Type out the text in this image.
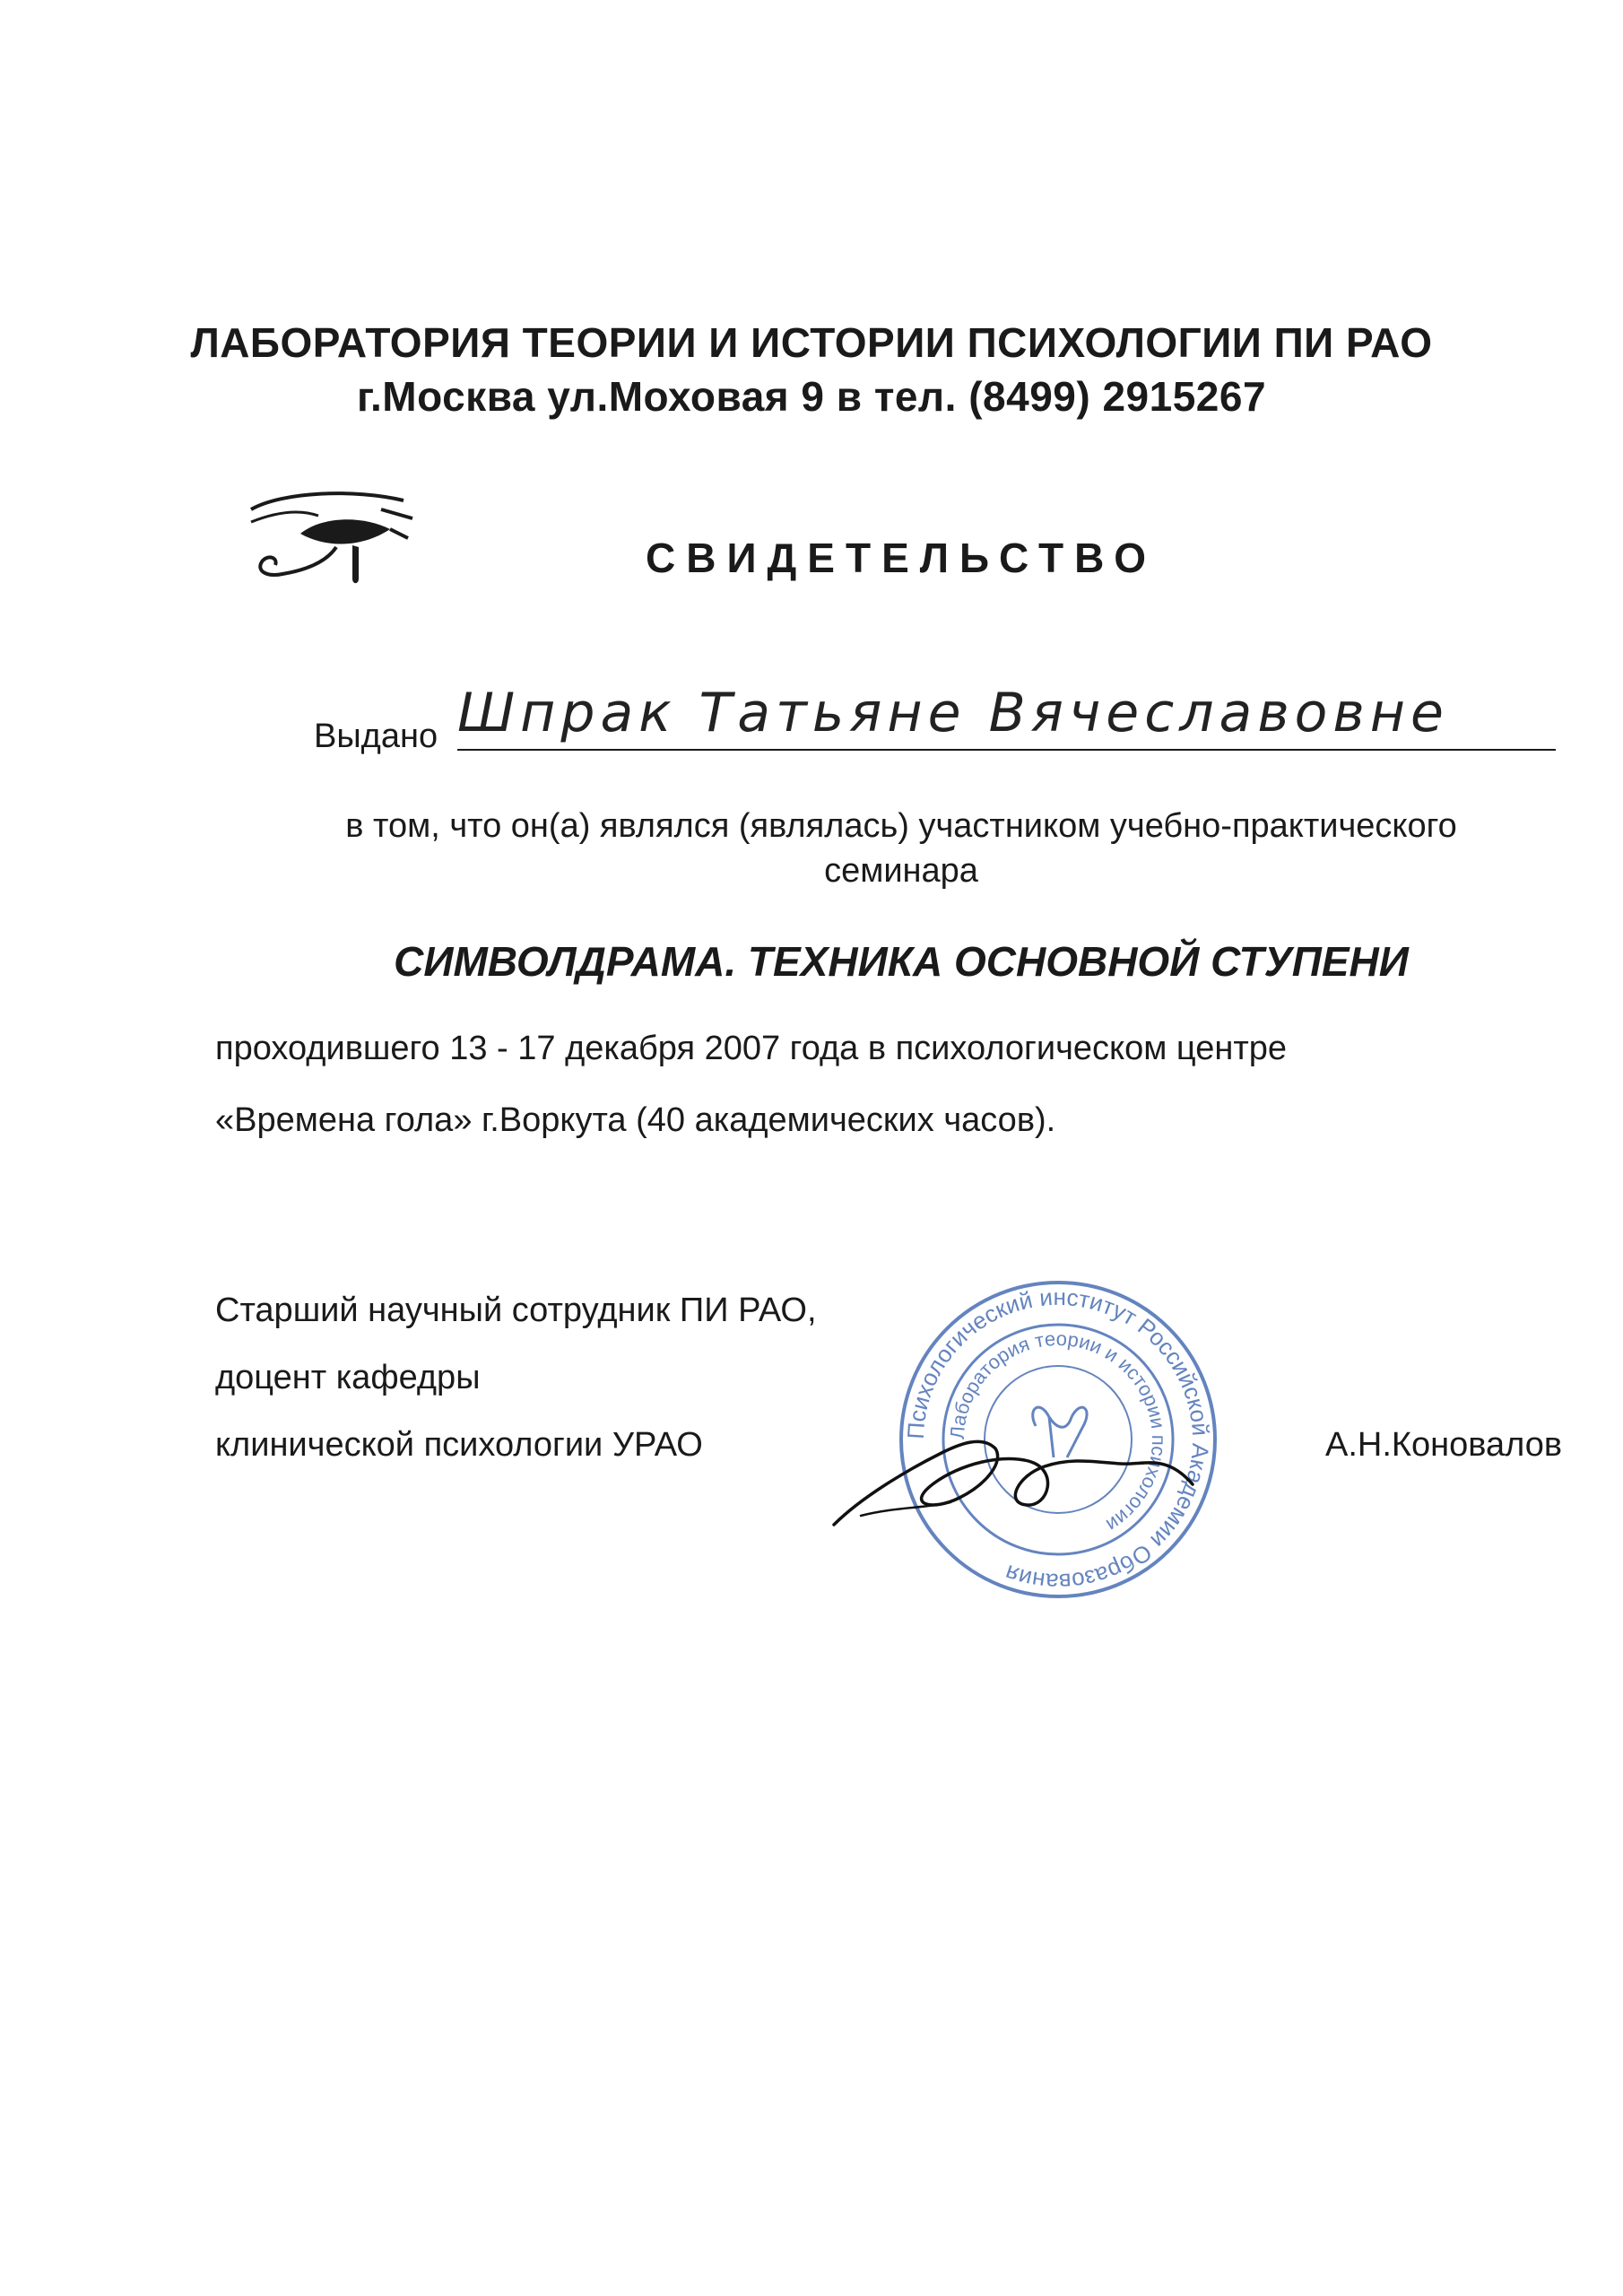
ЛАБОРАТОРИЯ ТЕОРИИ И ИСТОРИИ ПСИХОЛОГИИ ПИ РАО
г.Москва ул.Моховая 9 в тел. (8499) 2915267
СВИДЕТЕЛЬСТВО
Выдано Шпрак Татьяне Вячеславовне
в том, что он(а) являлся (являлась) участником учебно-практического
семинара
СИМВОЛДРАМА. ТЕХНИКА ОСНОВНОЙ СТУПЕНИ
проходившего 13 - 17 декабря 2007 года в психологическом центре
«Времена гола» г.Воркута (40 академических часов).
Старший научный сотрудник ПИ РАО,
доцент кафедры
клинической психологии УРАО	Психологический институт Российской Академии Образования
Лаборатория теории и истории психологии
А.Н.Коновалов
